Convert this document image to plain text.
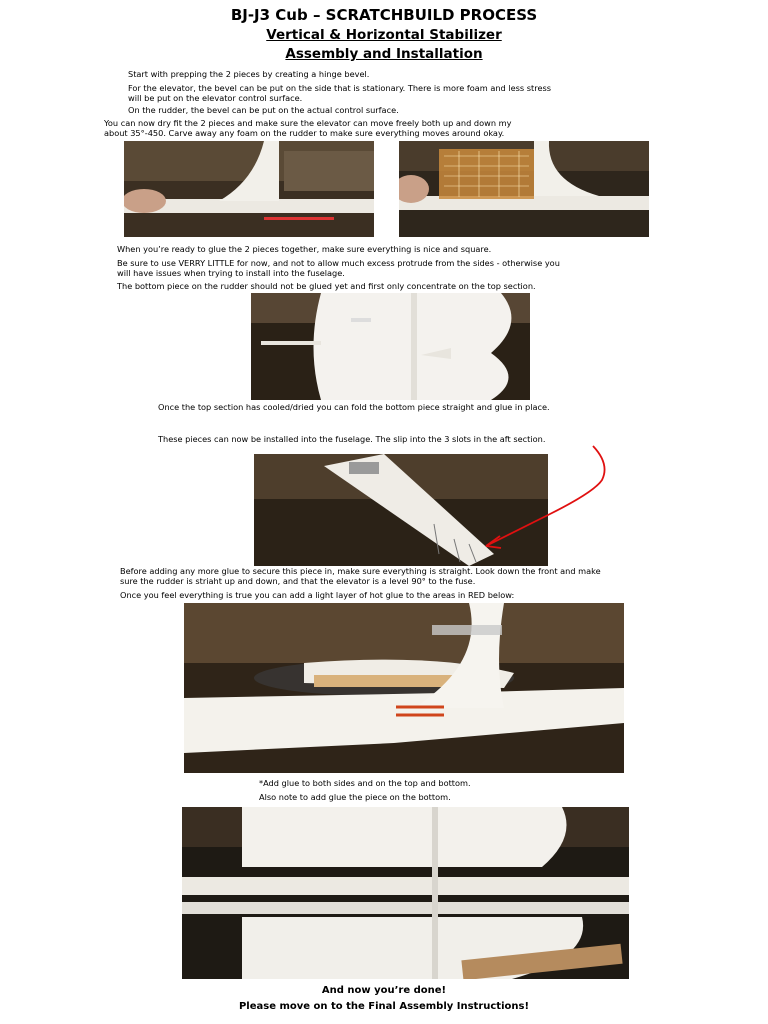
BJ-J3 Cub – SCRATCHBUILD PROCESS
Vertical & Horizontal Stabilizer
Assembly and Installation
Start with prepping the 2 pieces by creating a hinge bevel.
For the elevator, the bevel can be put on the side that is stationary. There is more foam and less stress
will be put on the elevator control surface.
On the rudder, the bevel can be put on the actual control surface.
You can now dry fit the 2 pieces and make sure the elevator can move freely both up and down my
about 35°-450. Carve away any foam on the rudder to make sure everything moves around okay.
When you’re ready to glue the 2 pieces together, make sure everything is nice and square.
Be sure to use VERRY LITTLE for now, and not to allow much excess protrude from the sides - otherwise you
will have issues when trying to install into the fuselage.
The bottom piece on the rudder should not be glued yet and first only concentrate on the top section.
Once the top section has cooled/dried you can fold the bottom piece straight and glue in place.
These pieces can now be installed into the fuselage. The slip into the 3 slots in the aft section.
Before adding any more glue to secure this piece in, make sure everything is straight. Look down the front and make
sure the rudder is striaht up and down, and that the elevator is a level 90° to the fuse.
Once you feel everything is true you can add a light layer of hot glue to the areas in RED below:
*Add glue to both sides and on the top and bottom.
Also note to add glue the piece on the bottom.
And now you’re done!
Please move on to the Final Assembly Instructions!
